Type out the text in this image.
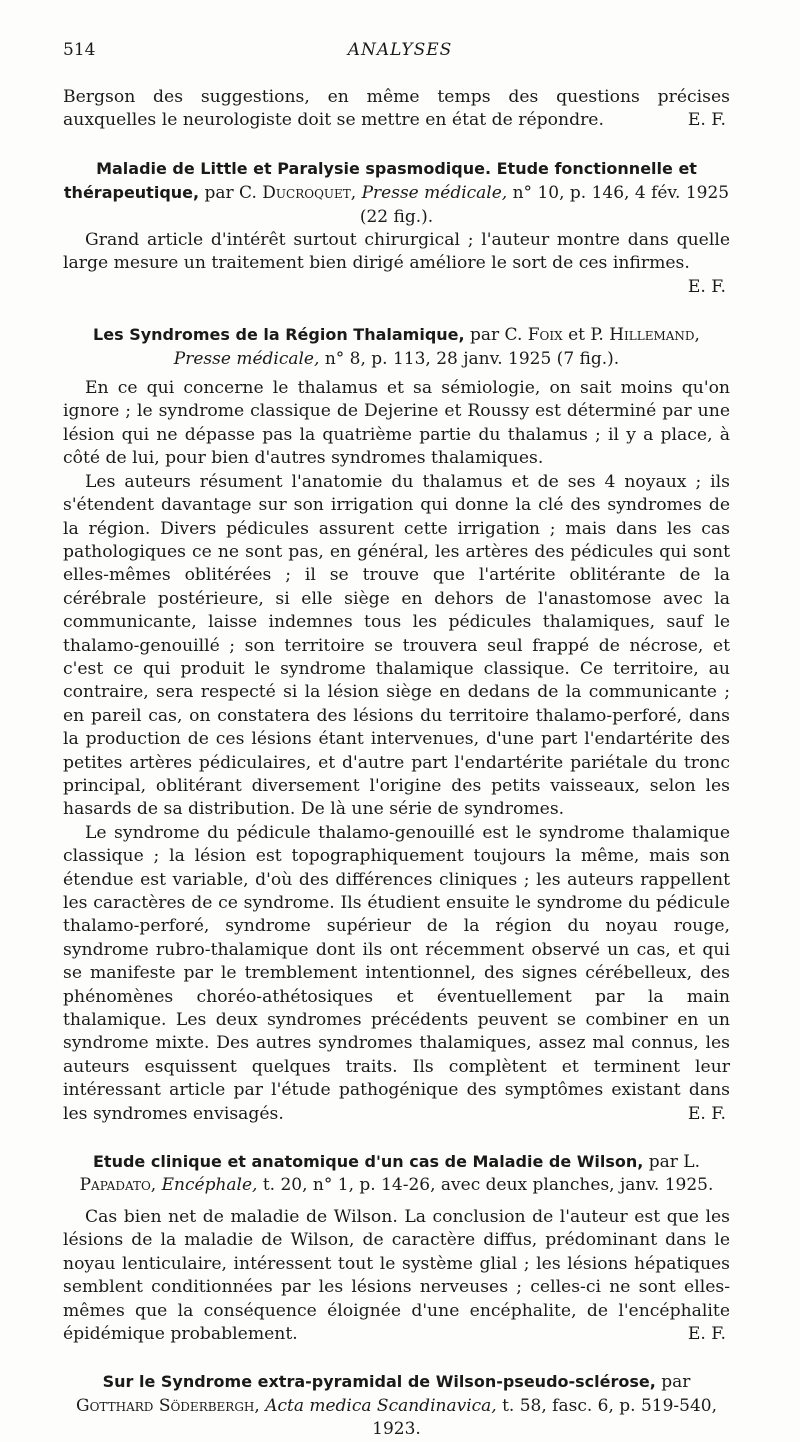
514	ANALYSES

Bergson des suggestions, en même temps des questions précises auxquelles le neurologiste doit se mettre en état de répondre.	E. F.

Maladie de Little et Paralysie spasmodique. Etude fonctionnelle et thérapeutique, par C. Ducroquet, Presse médicale, n° 10, p. 146, 4 fév. 1925 (22 fig.).

Grand article d'intérêt surtout chirurgical ; l'auteur montre dans quelle large mesure un traitement bien dirigé améliore le sort de ces infirmes.
E. F.

Les Syndromes de la Région Thalamique, par C. Foix et P. Hillemand, Presse médicale, n° 8, p. 113, 28 janv. 1925 (7 fig.).

En ce qui concerne le thalamus et sa sémiologie, on sait moins qu'on ignore ; le syndrome classique de Dejerine et Roussy est déterminé par une lésion qui ne dépasse pas la quatrième partie du thalamus ; il y a place, à côté de lui, pour bien d'autres syndromes thalamiques.

Les auteurs résument l'anatomie du thalamus et de ses 4 noyaux ; ils s'étendent davantage sur son irrigation qui donne la clé des syndromes de la région. Divers pédicules assurent cette irrigation ; mais dans les cas pathologiques ce ne sont pas, en général, les artères des pédicules qui sont elles-mêmes oblitérées ; il se trouve que l'artérite oblitérante de la cérébrale postérieure, si elle siège en dehors de l'anastomose avec la communicante, laisse indemnes tous les pédicules thalamiques, sauf le thalamo-genouillé ; son territoire se trouvera seul frappé de nécrose, et c'est ce qui produit le syndrome thalamique classique. Ce territoire, au contraire, sera respecté si la lésion siège en dedans de la communicante ; en pareil cas, on constatera des lésions du territoire thalamo-perforé, dans la production de ces lésions étant intervenues, d'une part l'endartérite des petites artères pédiculaires, et d'autre part l'endartérite pariétale du tronc principal, oblitérant diversement l'origine des petits vaisseaux, selon les hasards de sa distribution. De là une série de syndromes.

Le syndrome du pédicule thalamo-genouillé est le syndrome thalamique classique ; la lésion est topographiquement toujours la même, mais son étendue est variable, d'où des différences cliniques ; les auteurs rappellent les caractères de ce syndrome. Ils étudient ensuite le syndrome du pédicule thalamo-perforé, syndrome supérieur de la région du noyau rouge, syndrome rubro-thalamique dont ils ont récemment observé un cas, et qui se manifeste par le tremblement intentionnel, des signes cérébelleux, des phénomènes choréo-athétosiques et éventuellement par la main thalamique. Les deux syndromes précédents peuvent se combiner en un syndrome mixte. Des autres syndromes thalamiques, assez mal connus, les auteurs esquissent quelques traits. Ils complètent et terminent leur intéressant article par l'étude pathogénique des symptômes existant dans les syndromes envisagés.	E. F.

Etude clinique et anatomique d'un cas de Maladie de Wilson, par L. Papadato, Encéphale, t. 20, n° 1, p. 14-26, avec deux planches, janv. 1925.

Cas bien net de maladie de Wilson. La conclusion de l'auteur est que les lésions de la maladie de Wilson, de caractère diffus, prédominant dans le noyau lenticulaire, intéressent tout le système glial ; les lésions hépatiques semblent conditionnées par les lésions nerveuses ; celles-ci ne sont elles-mêmes que la conséquence éloignée d'une encéphalite, de l'encéphalite épidémique probablement.	E. F.

Sur le Syndrome extra-pyramidal de Wilson-pseudo-sclérose, par Gotthard Söderbergh, Acta medica Scandinavica, t. 58, fasc. 6, p. 519-540, 1923.
